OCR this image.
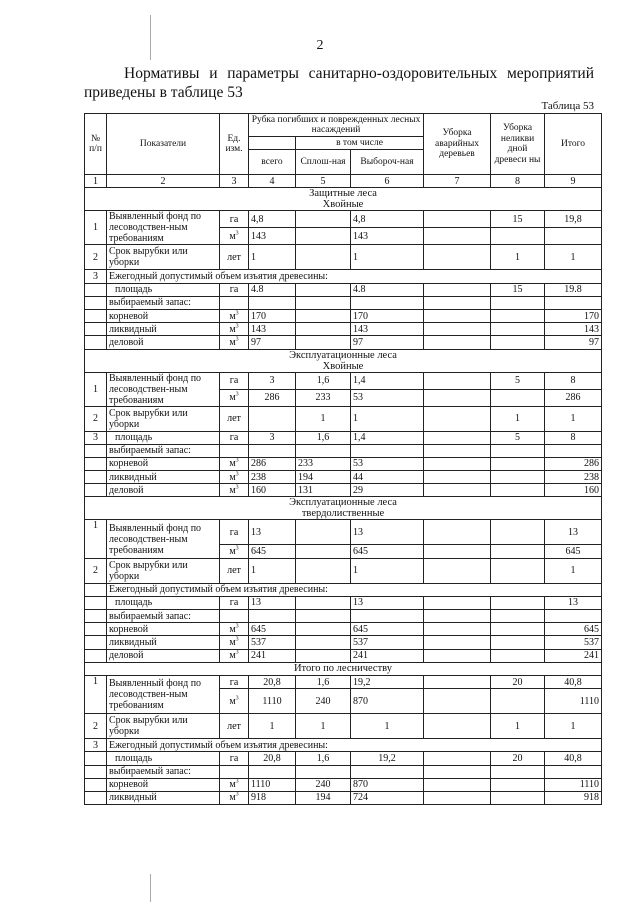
2
Нормативы и параметры санитарно-оздоровительных мероприятий приведены в таблице 53
Таблица 53
№ п/п	Показатели	Ед. изм.	Рубка погибших и поврежденных лесных насаждений			Уборка аварийных деревьев	Уборка неликви дной древеси ны	Итого
				в том числе				
			всего	Сплош-ная	Выбороч-ная			
1	2	3	4	5	6	7	8	9
Защитные леса
Хвойные								
1	Выявленный фонд по лесоводствен-ным требованиям	га	4,8		4,8		15	19,8
		$м^3$	143		143			
2	Срок вырубки или уборки	лет	1		1		1	1
3	Ежегодный допустимый объем изъятия древесины:							
	площадь	га	4.8		4.8		15	19.8
	выбираемый запас:							
	корневой	$м^3$	170		170			170
	ликвидный	$м^3$	143		143			143
	деловой	$м^3$	97		97			97
Эксплуатационные леса
Хвойные								
1	Выявленный фонд по лесоводствен-ным требованиям	га	3	1,6	1,4		5	8
		$м^3$	286	233	53			286
2	Срок вырубки или уборки	лет		1	1		1	1
3	площадь	га	3	1,6	1,4		5	8
	выбираемый запас:							
	корневой	$м^3$	286	233	53			286
	ликвидный	$м^3$	238	194	44			238
	деловой	$м^3$	160	131	29			160
Эксплуатационные леса
твердолиственные								
1	Выявленный фонд по лесоводствен-ным требованиям	га	13		13			13
		$м^3$	645		645			645
2	Срок вырубки или уборки	лет	1		1			1
	Ежегодный допустимый объем изъятия древесины:							
	площадь	га	13		13			13
	выбираемый запас:							
	корневой	$м^3$	645		645			645
	ликвидный	$м^3$	537		537			537
	деловой	$м^3$	241		241			241
Итого по лесничеству								
1	Выявленный фонд по лесоводствен-ным требованиям	га	20,8	1,6	19,2		20	40,8
		$м^3$	1110	240	870			1110
2	Срок вырубки или уборки	лет	1	1	1		1	1
3	Ежегодный допустимый объем изъятия древесины:							
	площадь	га	20,8	1,6	19,2		20	40,8
	выбираемый запас:							
	корневой	$м^3$	1110	240	870			1110
	ликвидный	$м^3$	918	194	724			918
